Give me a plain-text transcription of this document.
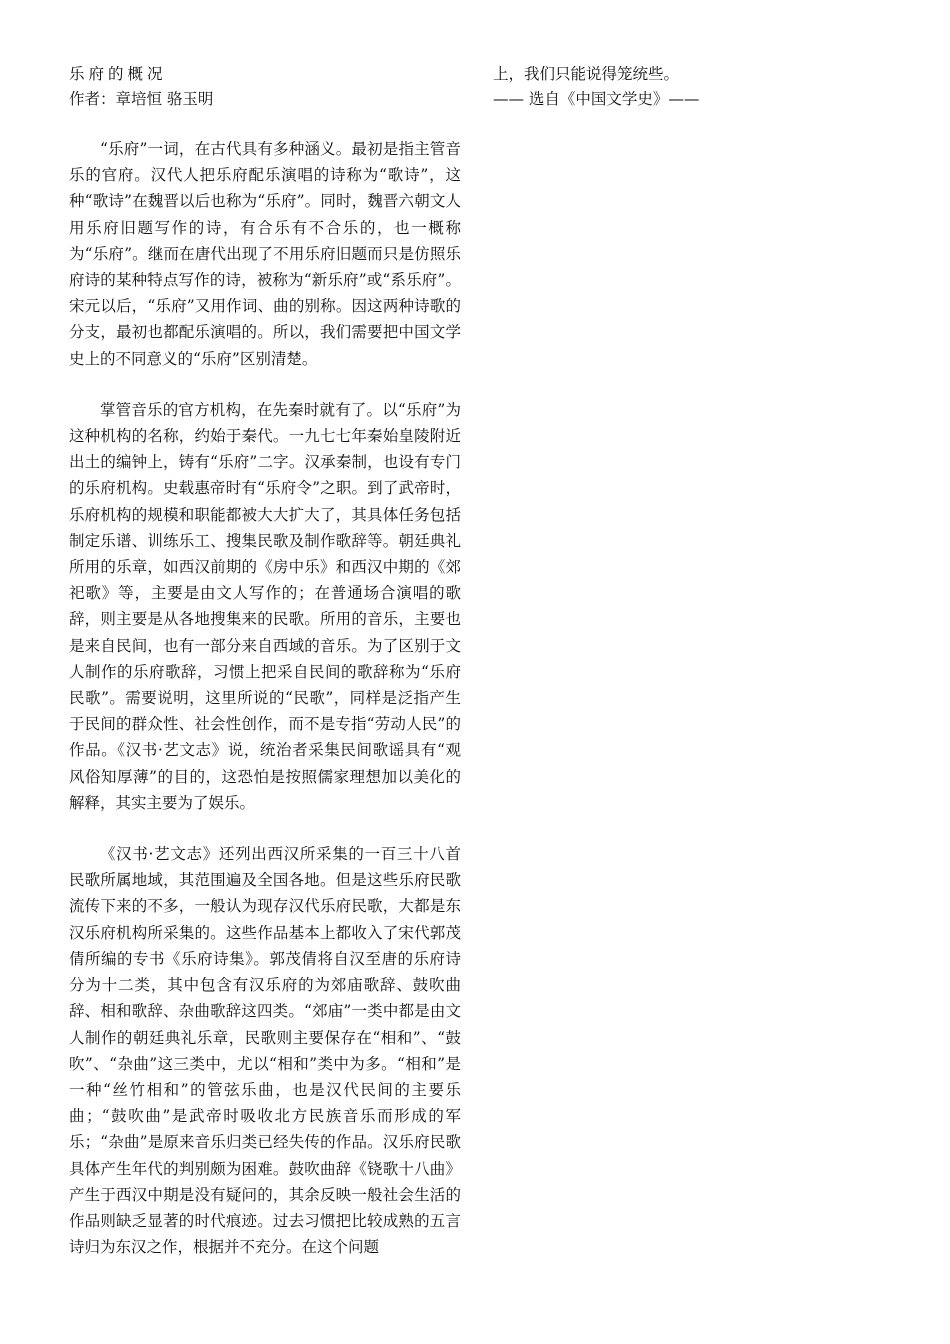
乐府的概况

作者：章培恒 骆玉明

“乐府”一词，在古代具有多种涵义。最初是指主管音乐的官府。汉代人把乐府配乐演唱的诗称为“歌诗”，这种“歌诗”在魏晋以后也称为“乐府”。同时，魏晋六朝文人用乐府旧题写作的诗，有合乐有不合乐的，也一概称为“乐府”。继而在唐代出现了不用乐府旧题而只是仿照乐府诗的某种特点写作的诗，被称为“新乐府”或“系乐府”。宋元以后，“乐府”又用作词、曲的别称。因这两种诗歌的分支，最初也都配乐演唱的。所以，我们需要把中国文学史上的不同意义的“乐府”区别清楚。

掌管音乐的官方机构，在先秦时就有了。以“乐府”为这种机构的名称，约始于秦代。一九七七年秦始皇陵附近出土的编钟上，铸有“乐府”二字。汉承秦制，也设有专门的乐府机构。史载惠帝时有“乐府令”之职。到了武帝时，乐府机构的规模和职能都被大大扩大了，其具体任务包括制定乐谱、训练乐工、搜集民歌及制作歌辞等。朝廷典礼所用的乐章，如西汉前期的《房中乐》和西汉中期的《郊祀歌》等，主要是由文人写作的；在普通场合演唱的歌辞，则主要是从各地搜集来的民歌。所用的音乐，主要也是来自民间，也有一部分来自西域的音乐。为了区别于文人制作的乐府歌辞，习惯上把采自民间的歌辞称为“乐府民歌”。需要说明，这里所说的“民歌”，同样是泛指产生于民间的群众性、社会性创作，而不是专指“劳动人民”的作品。《汉书·艺文志》说，统治者采集民间歌谣具有“观风俗知厚薄”的目的，这恐怕是按照儒家理想加以美化的解释，其实主要为了娱乐。

《汉书·艺文志》还列出西汉所采集的一百三十八首民歌所属地域，其范围遍及全国各地。但是这些乐府民歌流传下来的不多，一般认为现存汉代乐府民歌，大都是东汉乐府机构所采集的。这些作品基本上都收入了宋代郭茂倩所编的专书《乐府诗集》。郭茂倩将自汉至唐的乐府诗分为十二类，其中包含有汉乐府的为郊庙歌辞、鼓吹曲辞、相和歌辞、杂曲歌辞这四类。“郊庙”一类中都是由文人制作的朝廷典礼乐章，民歌则主要保存在“相和”、“鼓吹”、“杂曲”这三类中，尤以“相和”类中为多。“相和”是一种“丝竹相和”的管弦乐曲，也是汉代民间的主要乐曲；“鼓吹曲”是武帝时吸收北方民族音乐而形成的军乐；“杂曲”是原来音乐归类已经失传的作品。汉乐府民歌具体产生年代的判别颇为困难。鼓吹曲辞《铙歌十八曲》产生于西汉中期是没有疑问的，其余反映一般社会生活的作品则缺乏显著的时代痕迹。过去习惯把比较成熟的五言诗归为东汉之作，根据并不充分。在这个问题

上，我们只能说得笼统些。

—— 选自《中国文学史》——
